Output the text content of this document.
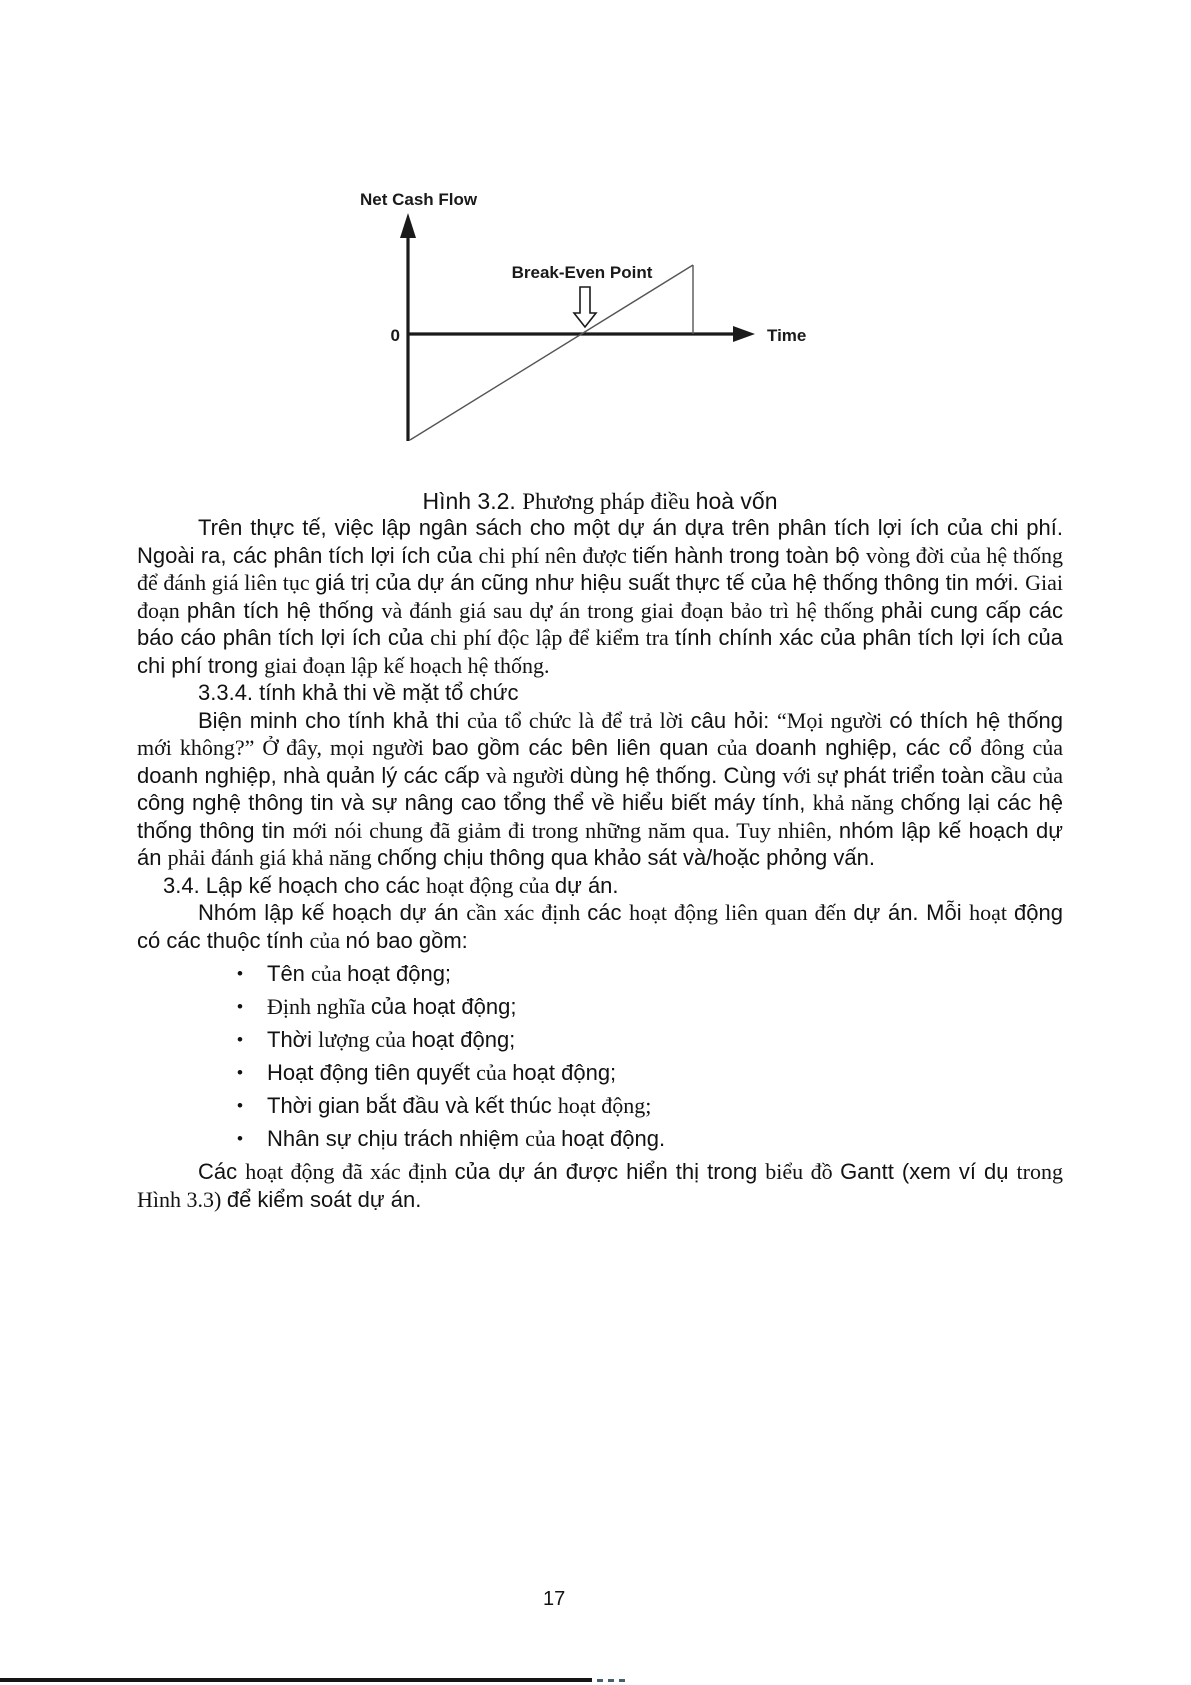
Net Cash Flow
Break-Even Point
0	Time
Hình 3.2. Phương pháp điều hoà vốn
Trên thực tế, việc lập ngân sách cho một dự án dựa trên phân tích lợi ích của chi phí. Ngoài ra, các phân tích lợi ích của chi phí nên được tiến hành trong toàn bộ vòng đời của hệ thống để đánh giá liên tục giá trị của dự án cũng như hiệu suất thực tế của hệ thống thông tin mới. Giai đoạn phân tích hệ thống và đánh giá sau dự án trong giai đoạn bảo trì hệ thống phải cung cấp các báo cáo phân tích lợi ích của chi phí độc lập để kiểm tra tính chính xác của phân tích lợi ích của chi phí trong giai đoạn lập kế hoạch hệ thống.
3.3.4. tính khả thi về mặt tổ chức
Biện minh cho tính khả thi của tổ chức là để trả lời câu hỏi: “Mọi người có thích hệ thống mới không?” Ở đây, mọi người bao gồm các bên liên quan của doanh nghiệp, các cổ đông của doanh nghiệp, nhà quản lý các cấp và người dùng hệ thống. Cùng với sự phát triển toàn cầu của công nghệ thông tin và sự nâng cao tổng thể về hiểu biết máy tính, khả năng chống lại các hệ thống thông tin mới nói chung đã giảm đi trong những năm qua. Tuy nhiên, nhóm lập kế hoạch dự án phải đánh giá khả năng chống chịu thông qua khảo sát và/hoặc phỏng vấn.
3.4. Lập kế hoạch cho các hoạt động của dự án.
Nhóm lập kế hoạch dự án cần xác định các hoạt động liên quan đến dự án. Mỗi hoạt động có các thuộc tính của nó bao gồm:
• Tên của hoạt động;
• Định nghĩa của hoạt động;
• Thời lượng của hoạt động;
• Hoạt động tiên quyết của hoạt động;
• Thời gian bắt đầu và kết thúc hoạt động;
• Nhân sự chịu trách nhiệm của hoạt động.
Các hoạt động đã xác định của dự án được hiển thị trong biểu đồ Gantt (xem ví dụ trong Hình 3.3) để kiểm soát dự án.
17
